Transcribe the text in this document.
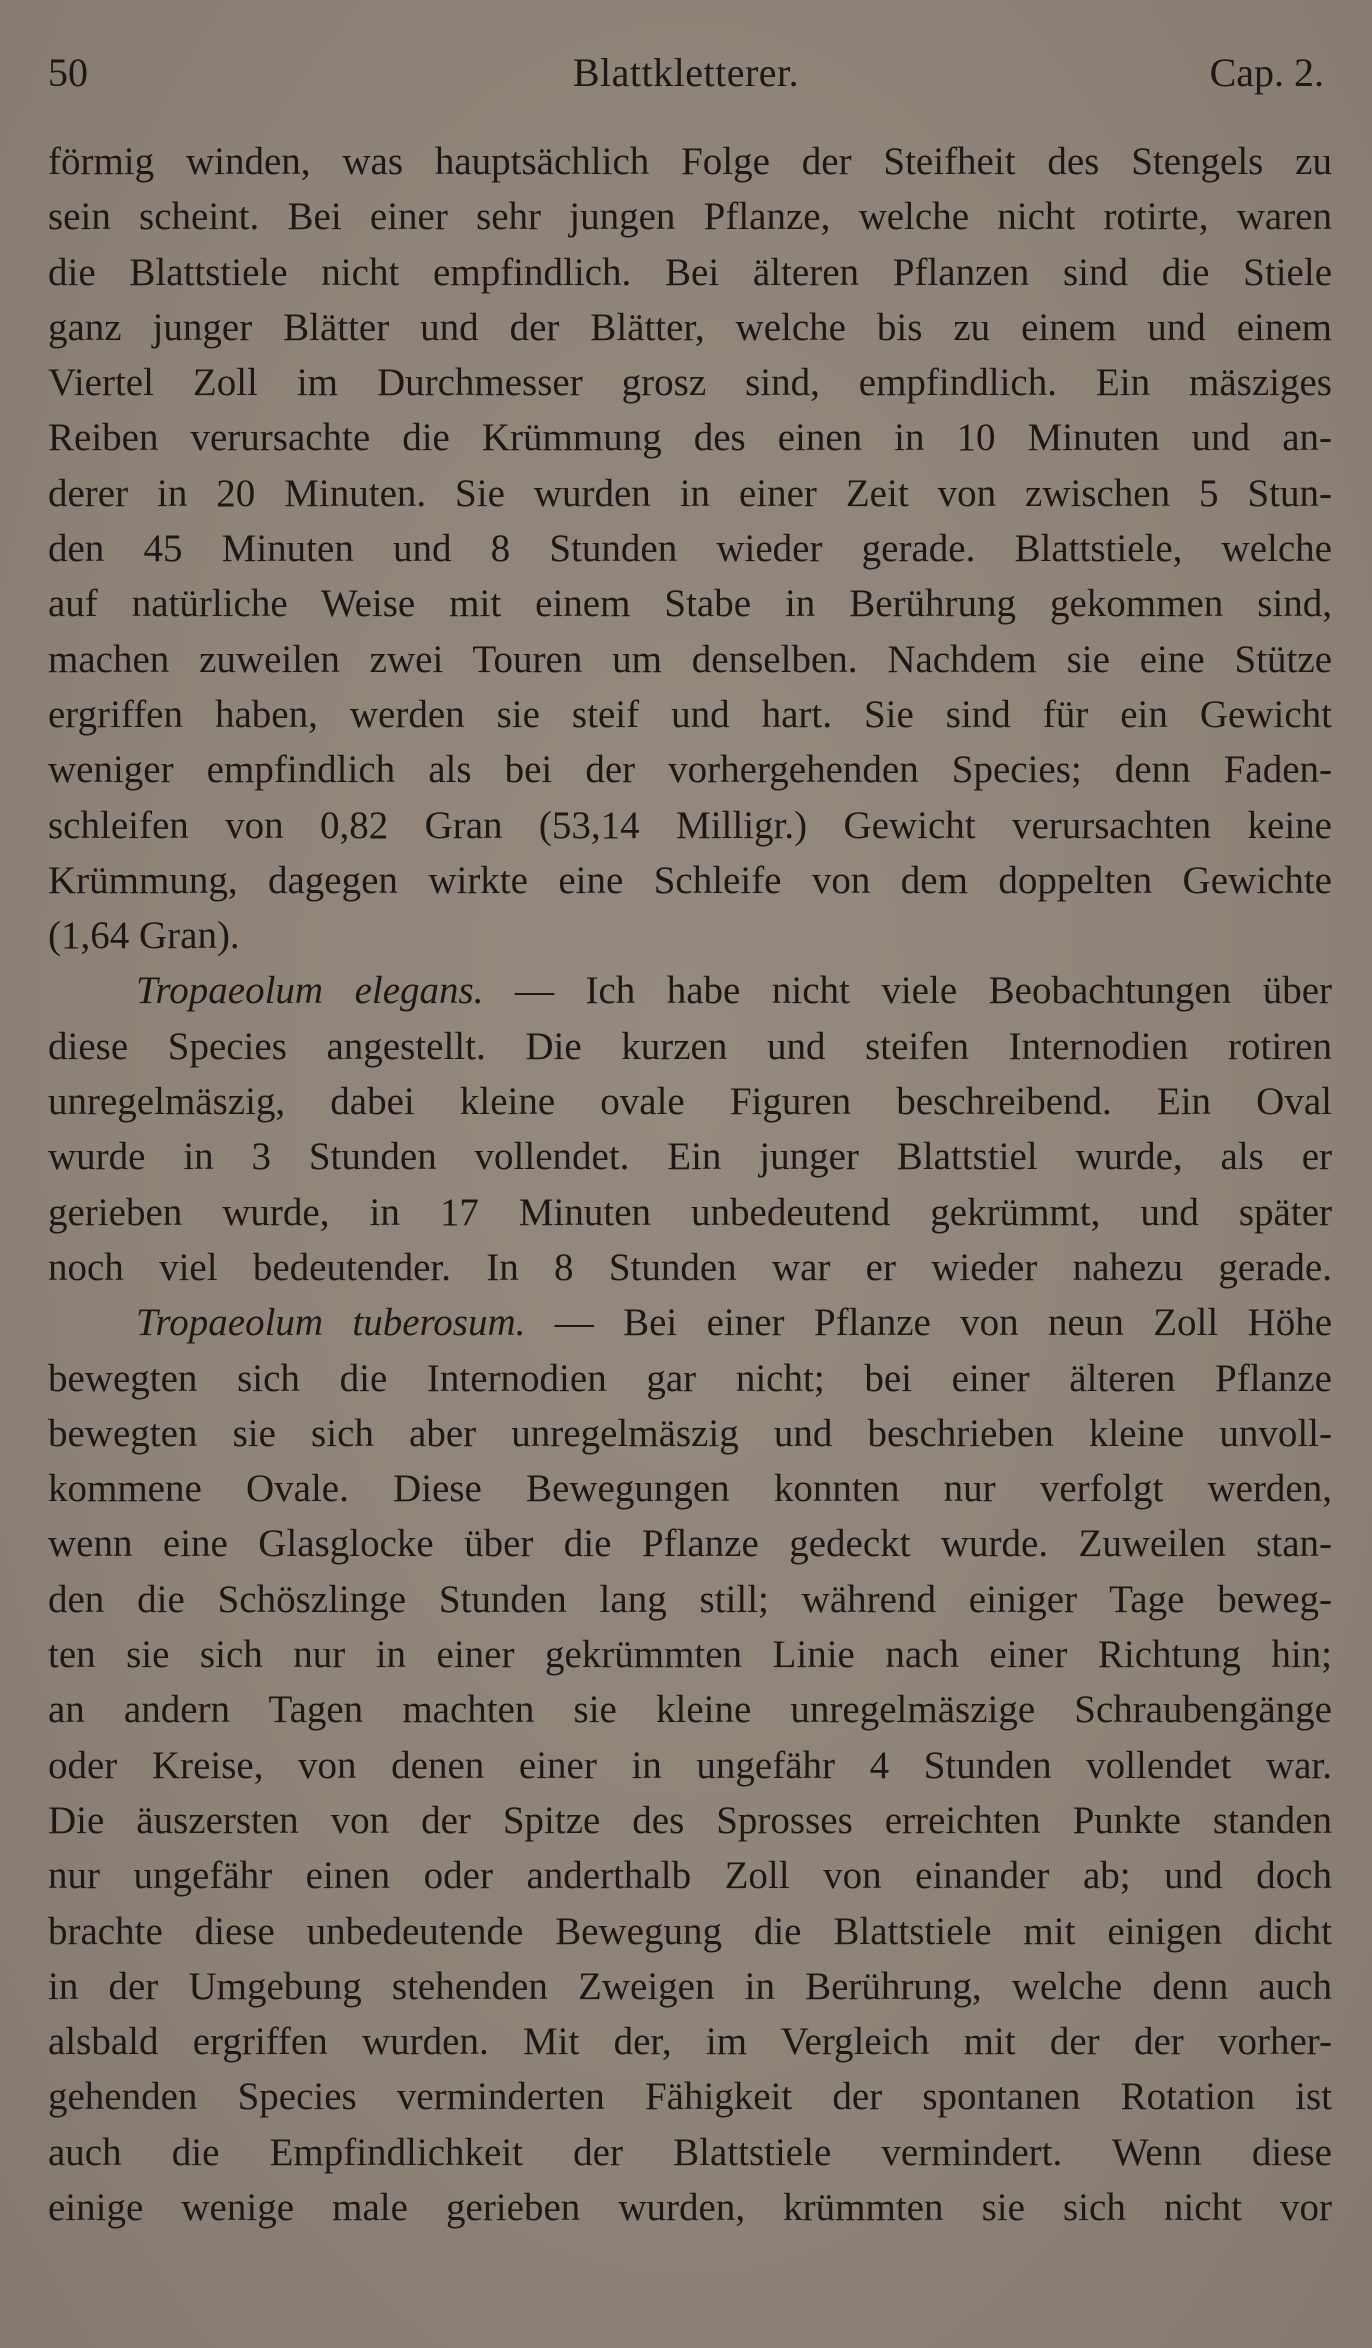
50	Blattkletterer.	Cap. 2.
förmig winden, was hauptsächlich Folge der Steifheit des Stengels zu
sein scheint. Bei einer sehr jungen Pflanze, welche nicht rotirte, waren
die Blattstiele nicht empfindlich. Bei älteren Pflanzen sind die Stiele
ganz junger Blätter und der Blätter, welche bis zu einem und einem
Viertel Zoll im Durchmesser grosz sind, empfindlich. Ein mäsziges
Reiben verursachte die Krümmung des einen in 10 Minuten und an-
derer in 20 Minuten. Sie wurden in einer Zeit von zwischen 5 Stun-
den 45 Minuten und 8 Stunden wieder gerade. Blattstiele, welche
auf natürliche Weise mit einem Stabe in Berührung gekommen sind,
machen zuweilen zwei Touren um denselben. Nachdem sie eine Stütze
ergriffen haben, werden sie steif und hart. Sie sind für ein Gewicht
weniger empfindlich als bei der vorhergehenden Species; denn Faden-
schleifen von 0,82 Gran (53,14 Milligr.) Gewicht verursachten keine
Krümmung, dagegen wirkte eine Schleife von dem doppelten Gewichte
(1,64 Gran).
Tropaeolum elegans. — Ich habe nicht viele Beobachtungen über
diese Species angestellt. Die kurzen und steifen Internodien rotiren
unregelmäszig, dabei kleine ovale Figuren beschreibend. Ein Oval
wurde in 3 Stunden vollendet. Ein junger Blattstiel wurde, als er
gerieben wurde, in 17 Minuten unbedeutend gekrümmt, und später
noch viel bedeutender. In 8 Stunden war er wieder nahezu gerade.
Tropaeolum tuberosum. — Bei einer Pflanze von neun Zoll Höhe
bewegten sich die Internodien gar nicht; bei einer älteren Pflanze
bewegten sie sich aber unregelmäszig und beschrieben kleine unvoll-
kommene Ovale. Diese Bewegungen konnten nur verfolgt werden,
wenn eine Glasglocke über die Pflanze gedeckt wurde. Zuweilen stan-
den die Schöszlinge Stunden lang still; während einiger Tage beweg-
ten sie sich nur in einer gekrümmten Linie nach einer Richtung hin;
an andern Tagen machten sie kleine unregelmäszige Schraubengänge
oder Kreise, von denen einer in ungefähr 4 Stunden vollendet war.
Die äuszersten von der Spitze des Sprosses erreichten Punkte standen
nur ungefähr einen oder anderthalb Zoll von einander ab; und doch
brachte diese unbedeutende Bewegung die Blattstiele mit einigen dicht
in der Umgebung stehenden Zweigen in Berührung, welche denn auch
alsbald ergriffen wurden. Mit der, im Vergleich mit der der vorher-
gehenden Species verminderten Fähigkeit der spontanen Rotation ist
auch die Empfindlichkeit der Blattstiele vermindert. Wenn diese
einige wenige male gerieben wurden, krümmten sie sich nicht vor
